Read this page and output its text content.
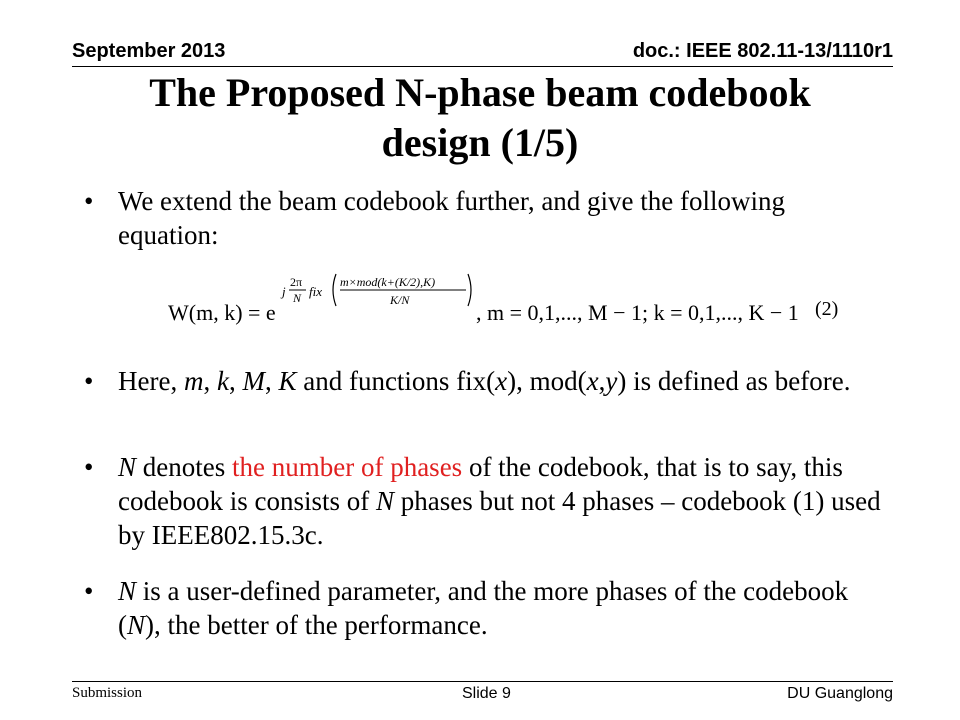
September 2013	doc.: IEEE 802.11-13/1110r1
The Proposed N-phase beam codebook
design (1/5)
• We extend the beam codebook further, and give the following equation:
• Here, m, k, M, K and functions fix(x), mod(x,y) is defined as before.
• N denotes the number of phases of the codebook, that is to say, this codebook is consists of N phases but not 4 phases – codebook (1) used by IEEE802.15.3c.
• N is a user-defined parameter, and the more phases of the codebook (N), the better of the performance.
W(m, k) = e
j
2π
N fix
m×mod(k+(K/2),K)
K/N	, m = 0,1,..., M − 1; k = 0,1,..., K − 1 (2)
Submission	Slide 9	DU Guanglong
